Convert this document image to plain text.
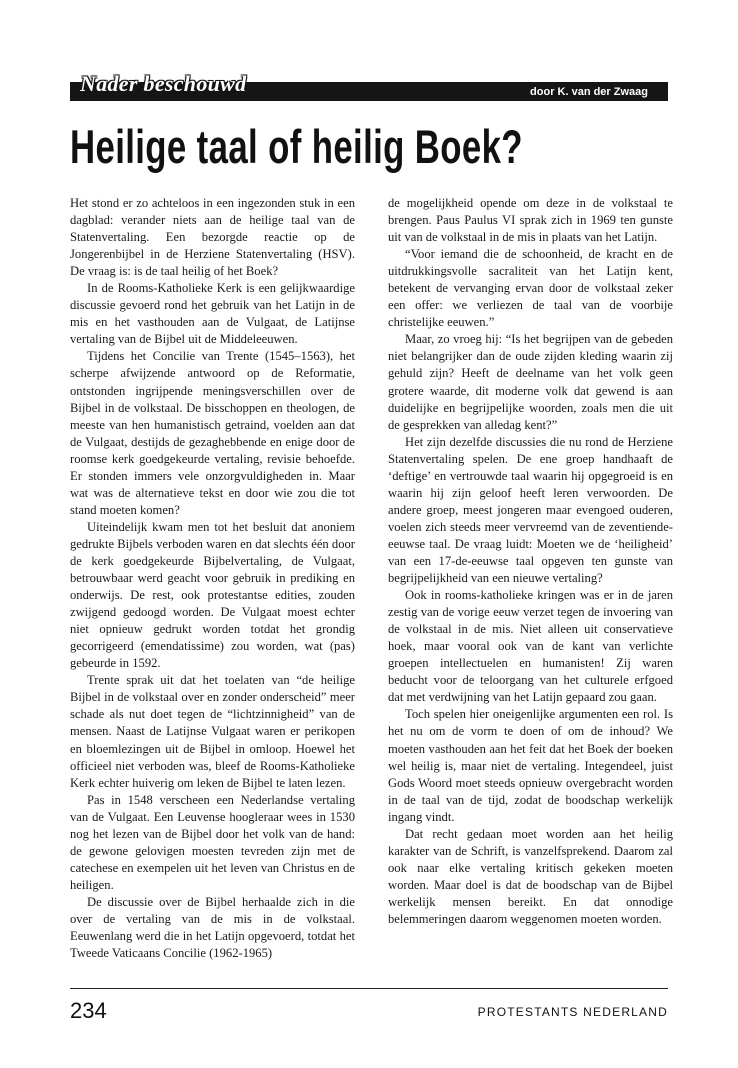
Nader beschouwd	door K. van der Zwaag
Heilige taal of heilig Boek?

Het stond er zo achteloos in een ingezonden stuk in een dagblad: verander niets aan de heilige taal van de Statenvertaling. Een bezorgde reactie op de Jongerenbijbel in de Herziene Statenvertaling (HSV). De vraag is: is de taal heilig of het Boek?

In de Rooms-Katholieke Kerk is een gelijkwaardige discussie gevoerd rond het gebruik van het Latijn in de mis en het vasthouden aan de Vulgaat, de Latijnse vertaling van de Bijbel uit de Middeleeuwen.

Tijdens het Concilie van Trente (1545–1563), het scherpe afwijzende antwoord op de Reformatie, ontstonden ingrijpende meningsverschillen over de Bijbel in de volkstaal. De bisschoppen en theologen, de meeste van hen humanistisch getraind, voelden aan dat de Vulgaat, destijds de gezaghebbende en enige door de roomse kerk goedgekeurde vertaling, revisie behoefde. Er stonden immers vele onzorgvuldigheden in. Maar wat was de alternatieve tekst en door wie zou die tot stand moeten komen?

Uiteindelijk kwam men tot het besluit dat anoniem gedrukte Bijbels verboden waren en dat slechts één door de kerk goedgekeurde Bijbelvertaling, de Vulgaat, betrouwbaar werd geacht voor gebruik in prediking en onderwijs. De rest, ook protestantse edities, zouden zwijgend gedoogd worden. De Vulgaat moest echter niet opnieuw gedrukt worden totdat het grondig gecorrigeerd (emendatissime) zou worden, wat (pas) gebeurde in 1592.

Trente sprak uit dat het toelaten van “de heilige Bijbel in de volkstaal over en zonder onderscheid” meer schade als nut doet tegen de “lichtzinnigheid” van de mensen. Naast de Latijnse Vulgaat waren er perikopen en bloemlezingen uit de Bijbel in omloop. Hoewel het officieel niet verboden was, bleef de Rooms-Katholieke Kerk echter huiverig om leken de Bijbel te laten lezen.

Pas in 1548 verscheen een Nederlandse vertaling van de Vulgaat. Een Leuvense hoogleraar wees in 1530 nog het lezen van de Bijbel door het volk van de hand: de gewone gelovigen moesten tevreden zijn met de catechese en exempelen uit het leven van Christus en de heiligen.

De discussie over de Bijbel herhaalde zich in die over de vertaling van de mis in de volkstaal. Eeuwenlang werd die in het Latijn opgevoerd, totdat het Tweede Vaticaans Concilie (1962-1965)

de mogelijkheid opende om deze in de volkstaal te brengen. Paus Paulus VI sprak zich in 1969 ten gunste uit van de volkstaal in de mis in plaats van het Latijn.

“Voor iemand die de schoonheid, de kracht en de uitdrukkingsvolle sacraliteit van het Latijn kent, betekent de vervanging ervan door de volkstaal zeker een offer: we verliezen de taal van de voorbije christelijke eeuwen.”

Maar, zo vroeg hij: “Is het begrijpen van de gebeden niet belangrijker dan de oude zijden kleding waarin zij gehuld zijn? Heeft de deelname van het volk geen grotere waarde, dit moderne volk dat gewend is aan duidelijke en begrijpelijke woorden, zoals men die uit de gesprekken van alledag kent?”

Het zijn dezelfde discussies die nu rond de Herziene Statenvertaling spelen. De ene groep handhaaft de ‘deftige’ en vertrouwde taal waarin hij opgegroeid is en waarin hij zijn geloof heeft leren verwoorden. De andere groep, meest jongeren maar evengoed ouderen, voelen zich steeds meer vervreemd van de zeventiende-eeuwse taal. De vraag luidt: Moeten we de ‘heiligheid’ van een 17-de-eeuwse taal opgeven ten gunste van begrijpelijkheid van een nieuwe vertaling?

Ook in rooms-katholieke kringen was er in de jaren zestig van de vorige eeuw verzet tegen de invoering van de volkstaal in de mis. Niet alleen uit conservatieve hoek, maar vooral ook van de kant van verlichte groepen intellectuelen en humanisten! Zij waren beducht voor de teloorgang van het culturele erfgoed dat met verdwijning van het Latijn gepaard zou gaan.

Toch spelen hier oneigenlijke argumenten een rol. Is het nu om de vorm te doen of om de inhoud? We moeten vasthouden aan het feit dat het Boek der boeken wel heilig is, maar niet de vertaling. Integendeel, juist Gods Woord moet steeds opnieuw overgebracht worden in de taal van de tijd, zodat de boodschap werkelijk ingang vindt.

Dat recht gedaan moet worden aan het heilig karakter van de Schrift, is vanzelfsprekend. Daarom zal ook naar elke vertaling kritisch gekeken moeten worden. Maar doel is dat de boodschap van de Bijbel werkelijk mensen bereikt. En dat onnodige belemmeringen daarom weggenomen moeten worden.

234	PROTESTANTS NEDERLAND
